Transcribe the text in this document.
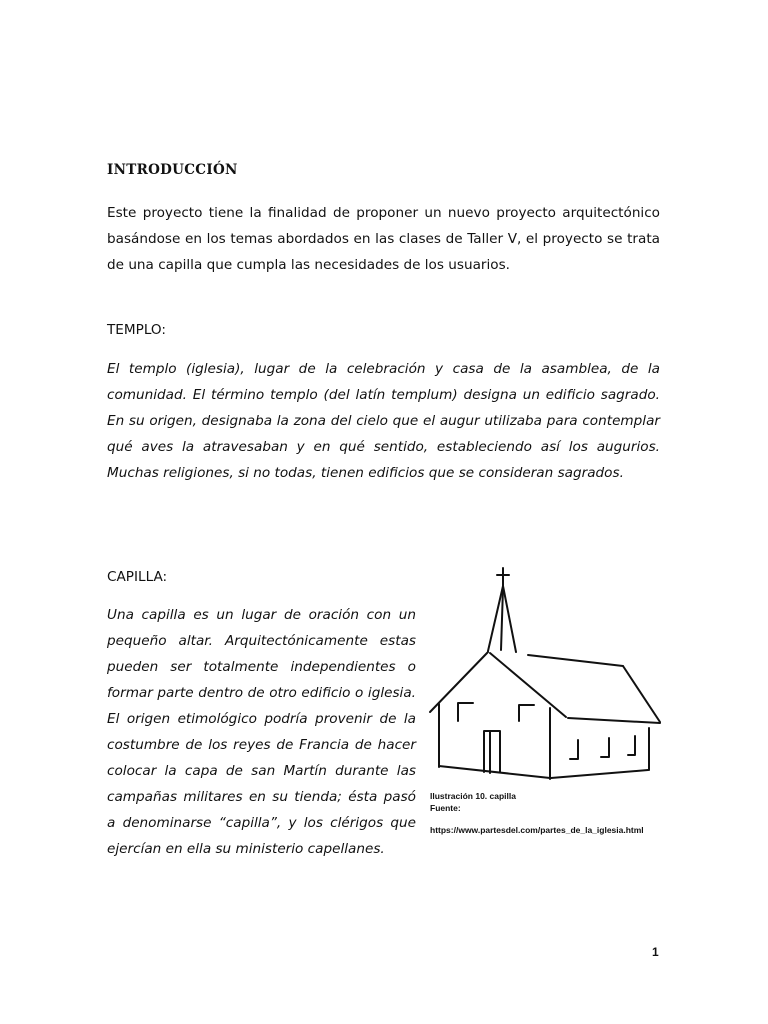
INTRODUCCIÓN

Este proyecto tiene la finalidad de proponer un nuevo proyecto arquitectónico basándose en los temas abordados en las clases de Taller V, el proyecto se trata de una capilla que cumpla las necesidades de los usuarios.

TEMPLO:

El templo (iglesia), lugar de la celebración y casa de la asamblea, de la comunidad. El término templo (del latín templum) designa un edificio sagrado. En su origen, designaba la zona del cielo que el augur utilizaba para contemplar qué aves la atravesaban y en qué sentido, estableciendo así los augurios. Muchas religiones, si no todas, tienen edificios que se consideran sagrados.

CAPILLA:

Una capilla es un lugar de oración con un pequeño altar. Arquitectónicamente estas pueden ser totalmente independientes o formar parte dentro de otro edificio o iglesia. El origen etimológico podría provenir de la costumbre de los reyes de Francia de hacer colocar la capa de san Martín durante las campañas militares en su tienda; ésta pasó a denominarse “capilla”, y los clérigos que ejercían en ella su ministerio capellanes.

Ilustración 10. capilla
Fuente:
https://www.partesdel.com/partes_de_la_iglesia.html
1
